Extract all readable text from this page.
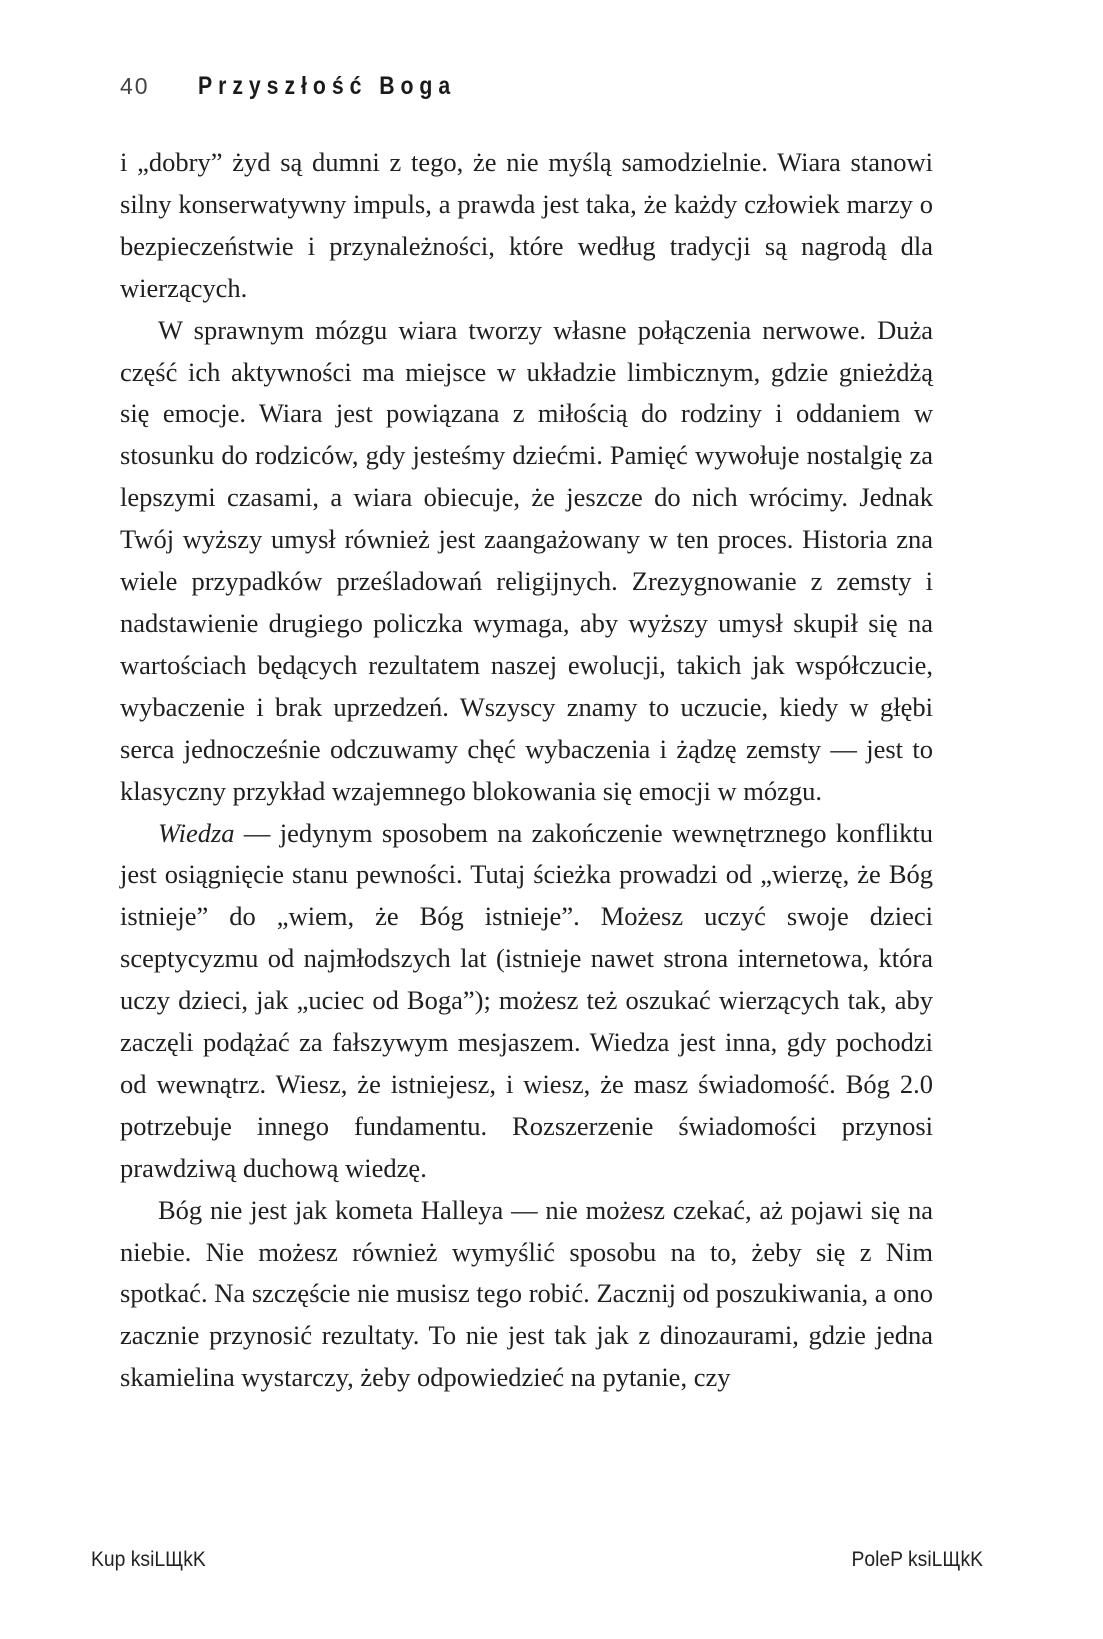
40 Przyszłość Boga

i „dobry” żyd są dumni z tego, że nie myślą samodzielnie. Wiara stanowi silny konserwatywny impuls, a prawda jest taka, że każdy człowiek marzy o bezpieczeństwie i przynależności, które według tradycji są nagrodą dla wierzących.

W sprawnym mózgu wiara tworzy własne połączenia nerwowe. Duża część ich aktywności ma miejsce w układzie limbicznym, gdzie gnieżdżą się emocje. Wiara jest powiązana z miłością do rodziny i oddaniem w stosunku do rodziców, gdy jesteśmy dziećmi. Pamięć wywołuje nostalgię za lepszymi czasami, a wiara obiecuje, że jeszcze do nich wrócimy. Jednak Twój wyższy umysł również jest zaangażowany w ten proces. Historia zna wiele przypadków prześladowań religijnych. Zrezygnowanie z zemsty i nadstawienie drugiego policzka wymaga, aby wyższy umysł skupił się na wartościach będących rezultatem naszej ewolucji, takich jak współczucie, wybaczenie i brak uprzedzeń. Wszyscy znamy to uczucie, kiedy w głębi serca jednocześnie odczuwamy chęć wybaczenia i żądzę zemsty — jest to klasyczny przykład wzajemnego blokowania się emocji w mózgu.

Wiedza — jedynym sposobem na zakończenie wewnętrznego konfliktu jest osiągnięcie stanu pewności. Tutaj ścieżka prowadzi od „wierzę, że Bóg istnieje” do „wiem, że Bóg istnieje”. Możesz uczyć swoje dzieci sceptycyzmu od najmłodszych lat (istnieje nawet strona internetowa, która uczy dzieci, jak „uciec od Boga”); możesz też oszukać wierzących tak, aby zaczęli podążać za fałszywym mesjaszem. Wiedza jest inna, gdy pochodzi od wewnątrz. Wiesz, że istniejesz, i wiesz, że masz świadomość. Bóg 2.0 potrzebuje innego fundamentu. Rozszerzenie świadomości przynosi prawdziwą duchową wiedzę.

Bóg nie jest jak kometa Halleya — nie możesz czekać, aż pojawi się na niebie. Nie możesz również wymyślić sposobu na to, żeby się z Nim spotkać. Na szczęście nie musisz tego robić. Zacznij od poszukiwania, a ono zacznie przynosić rezultaty. To nie jest tak jak z dinozaurami, gdzie jedna skamielina wystarczy, żeby odpowiedzieć na pytanie, czy

Kup ksiLЩkK	PoleP ksiLЩkK
